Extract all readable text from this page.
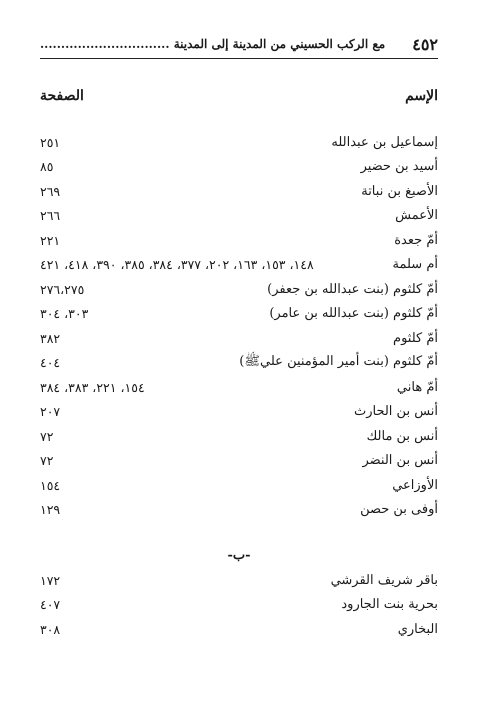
٤٥٢
مع الركب الحسيني من المدينة إلى المدينة ...............................
الإسم
الصفحة
إسماعيل بن عبدالله
٢٥١
أسيد بن حضير
٨٥
الأصبغ بن نباتة
٢٦٩
الأعمش
٢٦٦
أمّ جعدة
٢٢١
أم سلمة
١٤٨، ١٥٣، ١٦٣، ٢٠٢، ٣٧٧، ٣٨٤، ٣٨٥، ٣٩٠، ٤١٨، ٤٢١
أمّ كلثوم (بنت عبدالله بن جعفر)
٢٧٦،٢٧٥
أمّ كلثوم (بنت عبدالله بن عامر)
٣٠٣، ٣٠٤
أمّ كلثوم
٣٨٢
أمّ كلثوم (بنت أمير المؤمنين عليﷺ)
٤٠٤
أمّ هاني
١٥٤، ٢٢١، ٣٨٣، ٣٨٤
أنس بن الحارث
٢٠٧
أنس بن مالك
٧٢
أنس بن النضر
٧٢
الأوزاعي
١٥٤
أوفى بن حصن
١٢٩
-ب-
باقر شريف القرشي
١٧٢
بحرية بنت الجارود
٤٠٧
البخاري
٣٠٨
